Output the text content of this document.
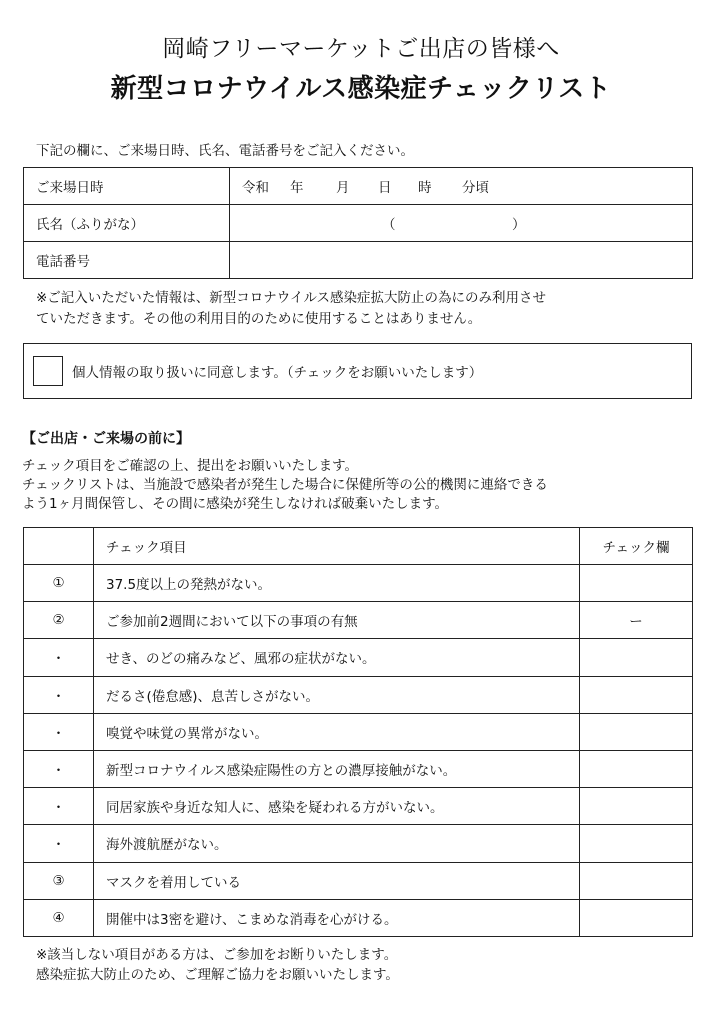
岡崎フリーマーケットご出店の皆様へ
新型コロナウイルス感染症チェックリスト
下記の欄に、ご来場日時、氏名、電話番号をご記入ください。
ご来場日時	令和 年 月 日 時 分頃
氏名（ふりがな）	（ ）
電話番号	
※ご記入いただいた情報は、新型コロナウイルス感染症拡大防止の為にのみ利用させ
ていただきます。その他の利用目的のために使用することはありません。
個人情報の取り扱いに同意します。（チェックをお願いいたします）
【ご出店・ご来場の前に】
チェック項目をご確認の上、提出をお願いいたします。
チェックリストは、当施設で感染者が発生した場合に保健所等の公的機関に連絡できる
よう1ヶ月間保管し、その間に感染が発生しなければ破棄いたします。
	チェック項目	チェック欄
①	37.5度以上の発熱がない。	
②	ご参加前2週間において以下の事項の有無	ー
・	せき、のどの痛みなど、風邪の症状がない。	
・	だるさ(倦怠感)、息苦しさがない。	
・	嗅覚や味覚の異常がない。	
・	新型コロナウイルス感染症陽性の方との濃厚接触がない。	
・	同居家族や身近な知人に、感染を疑われる方がいない。	
・	海外渡航歴がない。	
③	マスクを着用している	
④	開催中は3密を避け、こまめな消毒を心がける。	
※該当しない項目がある方は、ご参加をお断りいたします。
感染症拡大防止のため、ご理解ご協力をお願いいたします。
